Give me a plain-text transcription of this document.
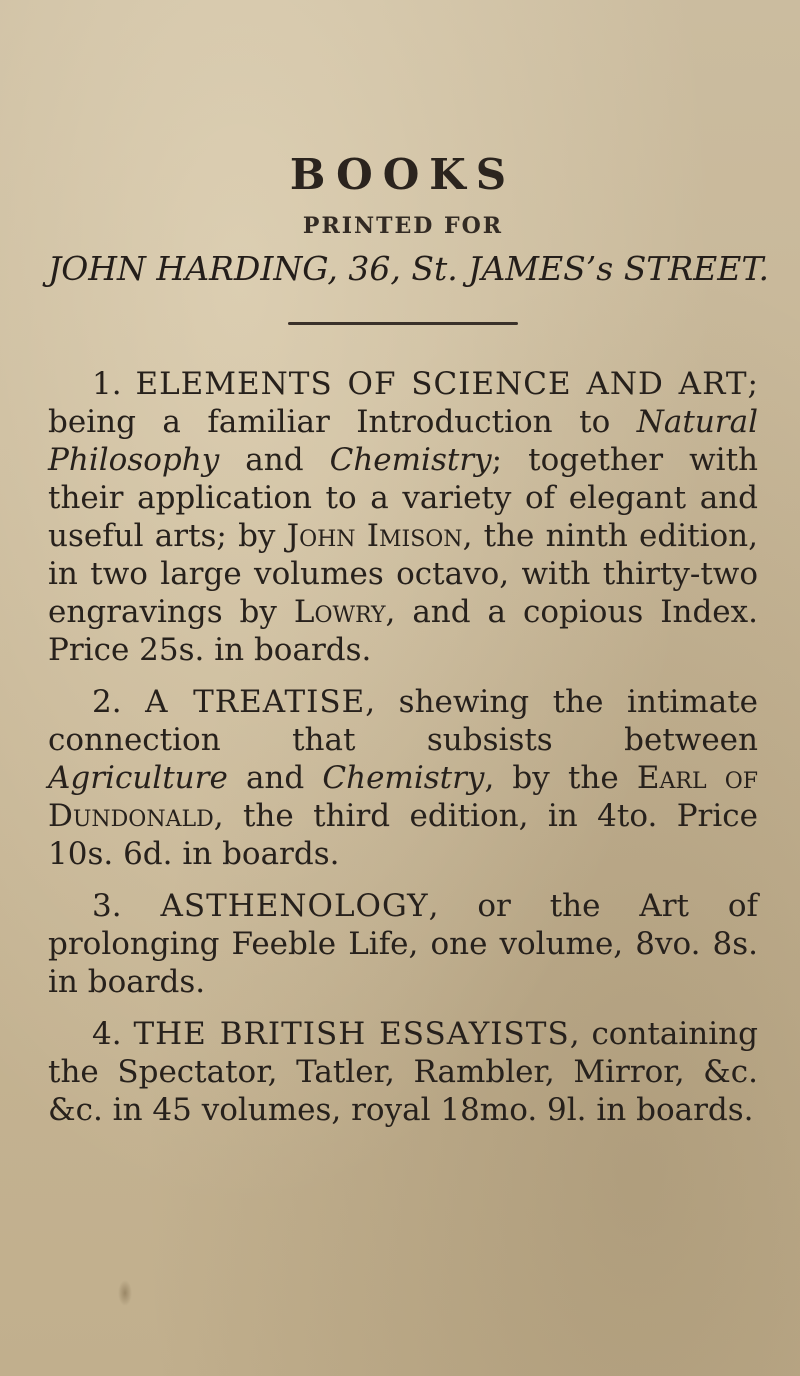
BOOKS
PRINTED FOR
JOHN HARDING, 36, St. JAMES’s STREET.

1. ELEMENTS OF SCIENCE AND ART; being a familiar Introduction to Natural Philosophy and Chemistry; together with their application to a variety of elegant and useful arts; by John Imison, the ninth edition, in two large volumes octavo, with thirty-two engravings by Lowry, and a copious Index. Price 25s. in boards.

2. A TREATISE, shewing the intimate connection that subsists between Agriculture and Chemistry, by the Earl of Dundonald, the third edition, in 4to. Price 10s. 6d. in boards.

3. ASTHENOLOGY, or the Art of prolonging Feeble Life, one volume, 8vo. 8s. in boards.

4. THE BRITISH ESSAYISTS, containing the Spectator, Tatler, Rambler, Mirror, &c. &c. in 45 volumes, royal 18mo. 9l. in boards.
